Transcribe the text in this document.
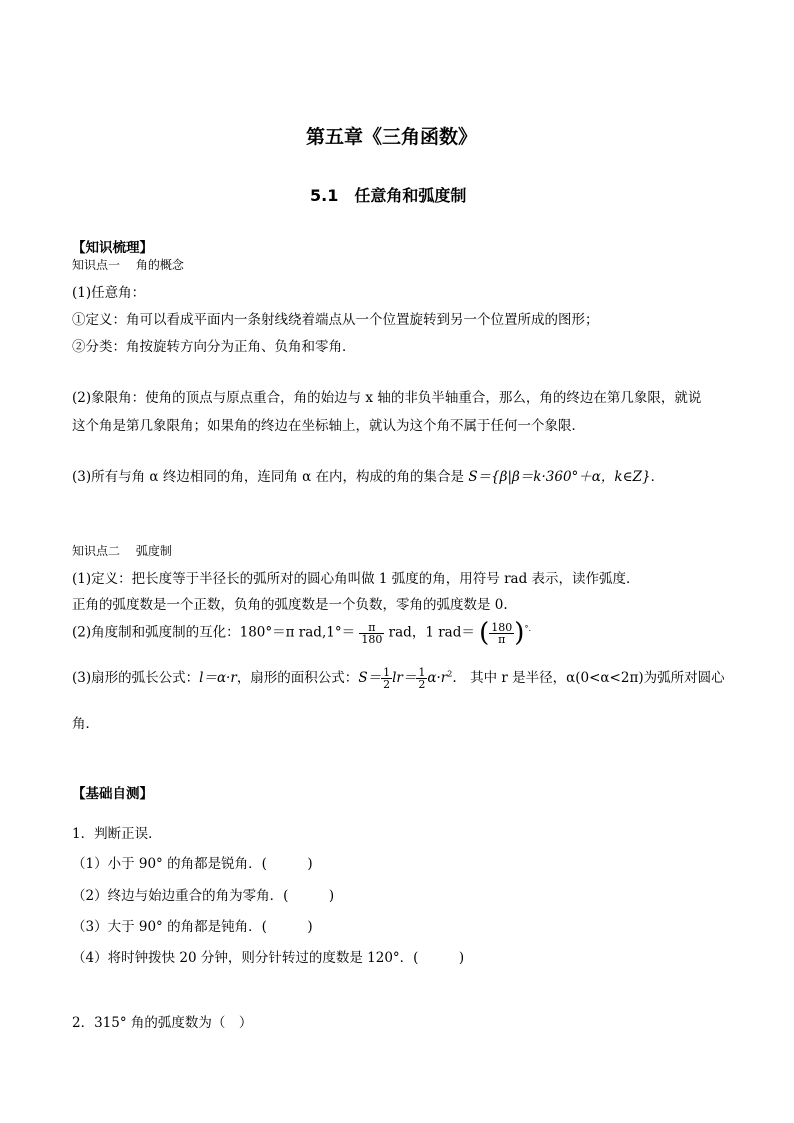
第五章《三角函数》
5.1　任意角和弧度制
【知识梳理】
知识点一　 角的概念
(1)任意角：
①定义：角可以看成平面内一条射线绕着端点从一个位置旋转到另一个位置所成的图形；
②分类：角按旋转方向分为正角、负角和零角．
(2)象限角：使角的顶点与原点重合，角的始边与 x 轴的非负半轴重合，那么，角的终边在第几象限，就说
这个角是第几象限角；如果角的终边在坐标轴上，就认为这个角不属于任何一个象限．
(3)所有与角 α 终边相同的角，连同角 α 在内，构成的角的集合是 S＝{β|β＝k·360°＋α，k∈Z}．
知识点二　 弧度制
(1)定义：把长度等于半径长的弧所对的圆心角叫做 1 弧度的角，用符号 rad 表示，读作弧度．
正角的弧度数是一个正数，负角的弧度数是一个负数，零角的弧度数是 0.
(2)角度制和弧度制的互化：180°＝π $rad,1^\circ= \frac{\pi}{180}$ rad，1 rad＝ ( $\frac{180}{\pi} )^{^\circ.}$
(3)扇形的弧长公式：l＝α·r，扇形的面积公式：$S= \frac{1}{2} lr= \frac{1}{2} \alpha\cdot r^2$.　其中 r 是半径，α(0<α<2π)为弧所对圆心
角．
【基础自测】
1．判断正误．
（1）小于 90° 的角都是锐角．(　　　)
（2）终边与始边重合的角为零角．(　　　)
（3）大于 90° 的角都是钝角．(　　　)
（4）将时钟拨快 20 分钟，则分针转过的度数是 120°．(　　　)
2．315° 角的弧度数为（　）
